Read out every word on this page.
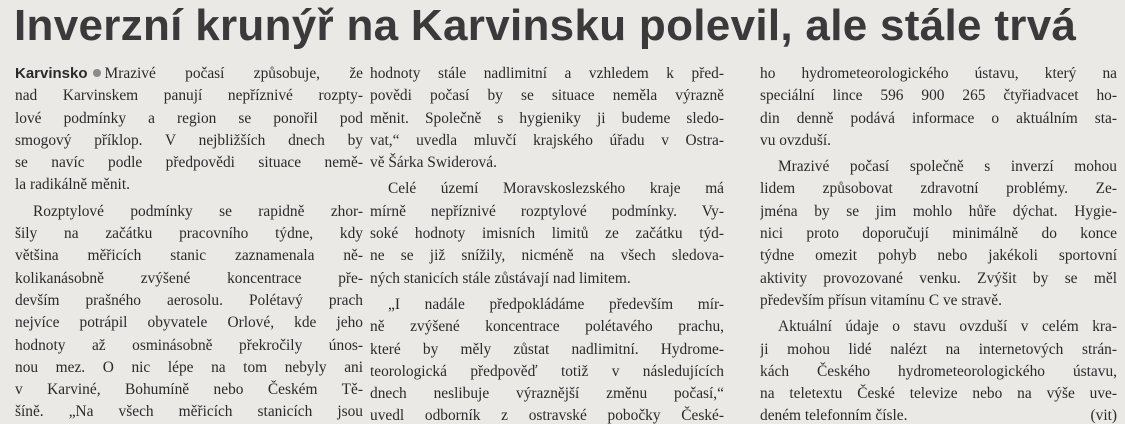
Inverzní krunýř na Karvinsku polevil, ale stále trvá
Karvinsko Mrazivé počasí způsobuje, že
nad Karvinskem panují nepříznivé rozpty-
lové podmínky a region se ponořil pod
smogový příklop. V nejbližších dnech by
se navíc podle předpovědi situace nemě-
la radikálně měnit.
Rozptylové podmínky se rapidně zhor-
šily na začátku pracovního týdne, kdy
většina měřicích stanic zaznamenala ně-
kolikanásobně zvýšené koncentrace pře-
devším prašného aerosolu. Polétavý prach
nejvíce potrápil obyvatele Orlové, kde jeho
hodnoty až osminásobně překročily únos-
nou mez. O nic lépe na tom nebyly ani
v Karviné, Bohumíně nebo Českém Tě-
šíně. „Na všech měřicích stanicích jsou
hodnoty stále nadlimitní a vzhledem k před-
povědi počasí by se situace neměla výrazně
měnit. Společně s hygieniky ji budeme sledo-
vat,“ uvedla mluvčí krajského úřadu v Ostra-
vě Šárka Swiderová.
Celé území Moravskoslezského kraje má
mírně nepříznivé rozptylové podmínky. Vy-
soké hodnoty imisních limitů ze začátku týd-
ne se již snížily, nicméně na všech sledova-
ných stanicích stále zůstávají nad limitem.
„I nadále předpokládáme především mír-
ně zvýšené koncentrace polétavého prachu,
které by měly zůstat nadlimitní. Hydrome-
teorologická předpověď totiž v následujících
dnech neslibuje výraznější změnu počasí,“
uvedl odborník z ostravské pobočky České-
ho hydrometeorologického ústavu, který na
speciální lince 596 900 265 čtyřiadvacet ho-
din denně podává informace o aktuálním sta-
vu ovzduší.
Mrazivé počasí společně s inverzí mohou
lidem způsobovat zdravotní problémy. Ze-
jména by se jim mohlo hůře dýchat. Hygie-
nici proto doporučují minimálně do konce
týdne omezit pohyb nebo jakékoli sportovní
aktivity provozované venku. Zvýšit by se měl
především přísun vitamínu C ve stravě.
Aktuální údaje o stavu ovzduší v celém kra-
ji mohou lidé nalézt na internetových strán-
kách Českého hydrometeorologického ústavu,
na teletextu České televize nebo na výše uve-
deném telefonním čísle.	(vit)
